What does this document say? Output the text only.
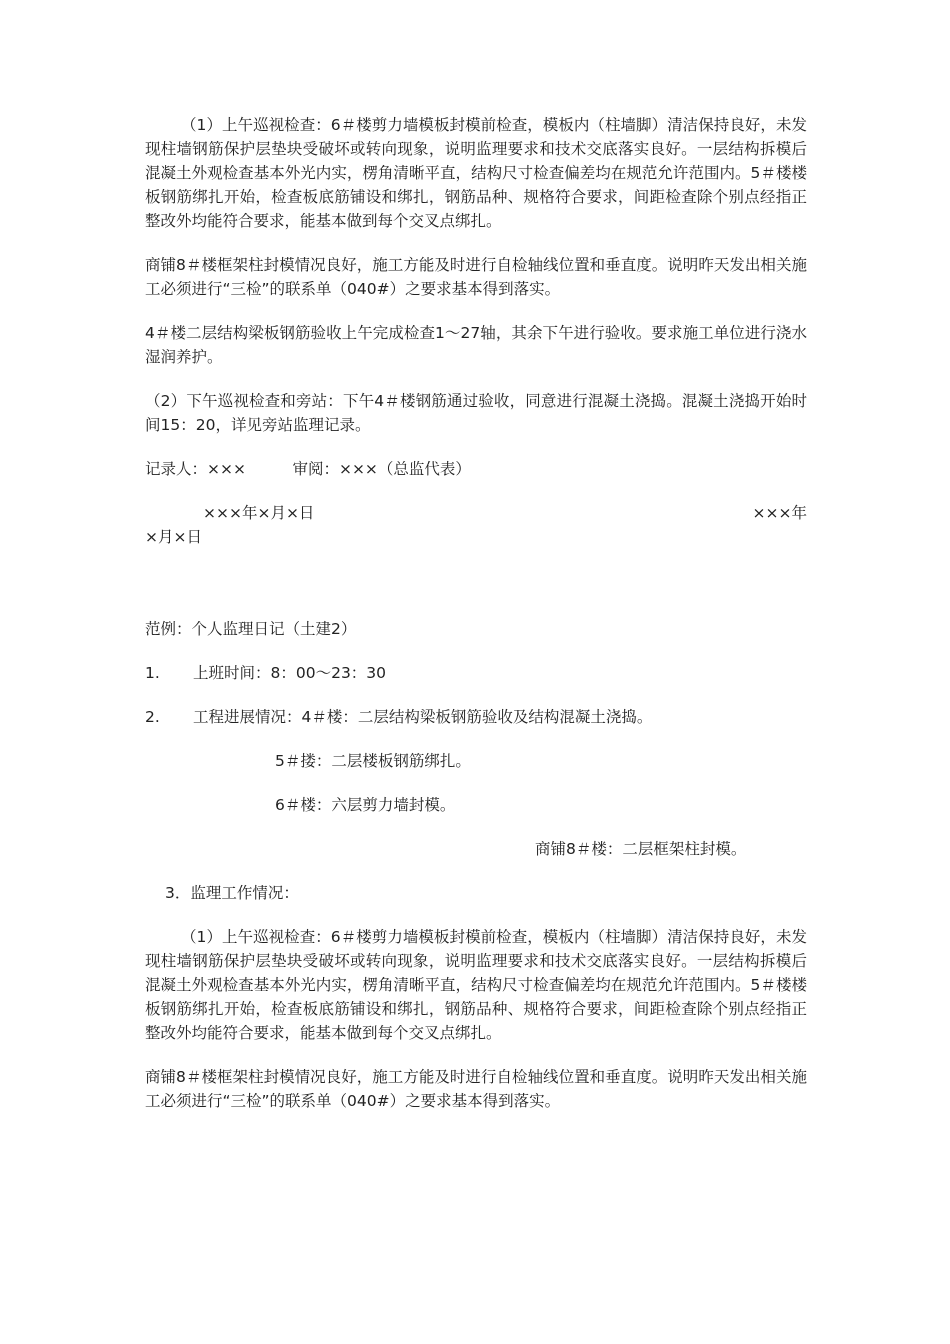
（1）上午巡视检查：6＃楼剪力墙模板封模前检查，模板内（柱墙脚）清洁保持良好，未发现柱墙钢筋保护层垫块受破坏或转向现象，说明监理要求和技术交底落实良好。一层结构拆模后混凝土外观检查基本外光内实，楞角清晰平直，结构尺寸检查偏差均在规范允许范围内。5＃楼楼板钢筋绑扎开始，检查板底筋铺设和绑扎，钢筋品种、规格符合要求，间距检查除个别点经指正整改外均能符合要求，能基本做到每个交叉点绑扎。

商铺8＃楼框架柱封模情况良好，施工方能及时进行自检轴线位置和垂直度。说明昨天发出相关施工必须进行“三检”的联系单（040#）之要求基本得到落实。

4＃楼二层结构梁板钢筋验收上午完成检查1～27轴，其余下午进行验收。要求施工单位进行浇水湿润养护。

（2）下午巡视检查和旁站：下午4＃楼钢筋通过验收，同意进行混凝土浇捣。混凝土浇捣开始时间15：20，详见旁站监理记录。

记录人：×××　　　审阅：×××（总监代表）

×××年×月×日	×××年

×月×日

范例：个人监理日记（土建2）

1.	上班时间：8：00～23：30

2.	工程进展情况：4＃楼：二层结构梁板钢筋验收及结构混凝土浇捣。

5＃搂：二层楼板钢筋绑扎。

6＃楼：六层剪力墙封模。

商铺8＃楼：二层框架柱封模。

3．监理工作情况：

（1）上午巡视检查：6＃楼剪力墙模板封模前检查，模板内（柱墙脚）清洁保持良好，未发现柱墙钢筋保护层垫块受破坏或转向现象，说明监理要求和技术交底落实良好。一层结构拆模后混凝土外观检查基本外光内实，楞角清晰平直，结构尺寸检查偏差均在规范允许范围内。5＃楼楼板钢筋绑扎开始，检查板底筋铺设和绑扎，钢筋品种、规格符合要求，间距检查除个别点经指正整改外均能符合要求，能基本做到每个交叉点绑扎。

商铺8＃楼框架柱封模情况良好，施工方能及时进行自检轴线位置和垂直度。说明昨天发出相关施工必须进行“三检”的联系单（040#）之要求基本得到落实。
